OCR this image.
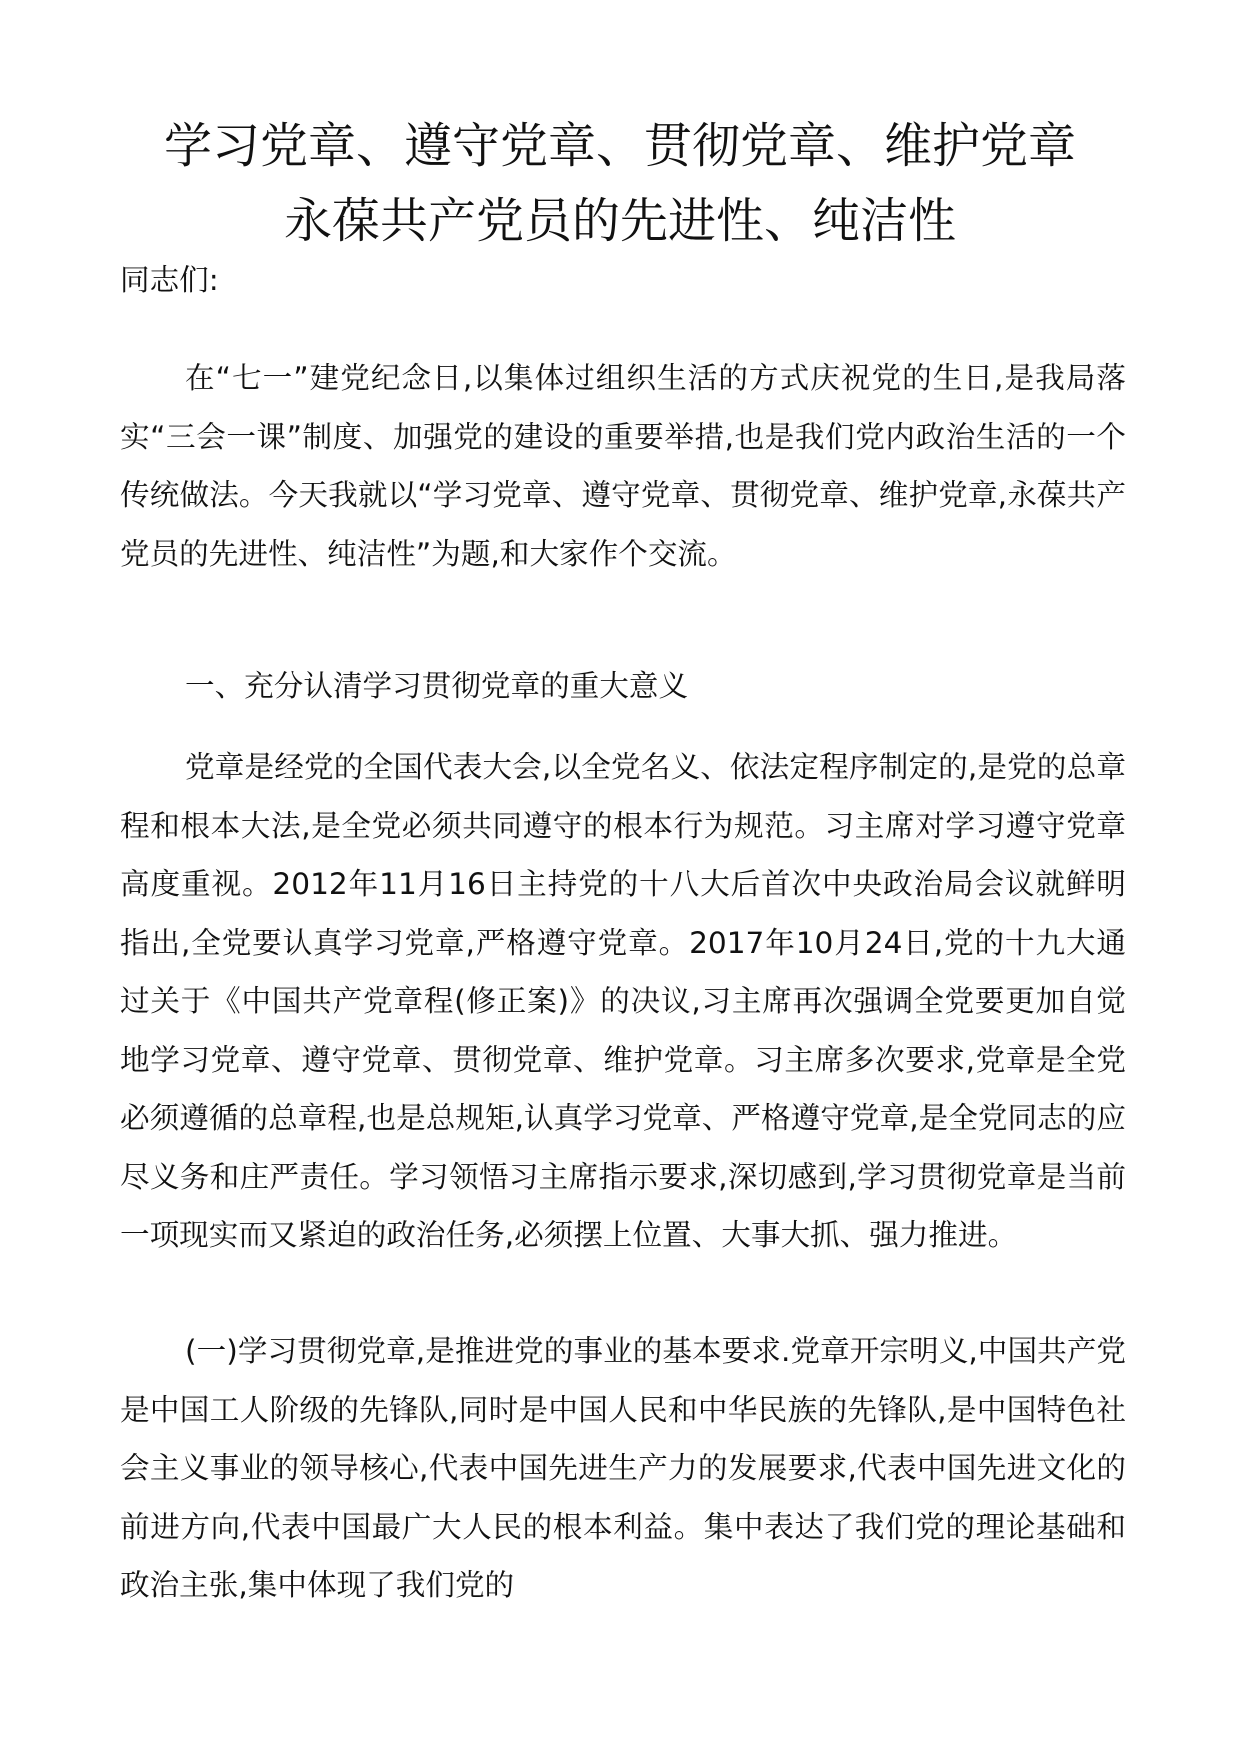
学习党章、遵守党章、贯彻党章、维护党章
永葆共产党员的先进性、纯洁性

同志们:

在“七一”建党纪念日,以集体过组织生活的方式庆祝党的生日,是我局落实“三会一课”制度、加强党的建设的重要举措,也是我们党内政治生活的一个传统做法。今天我就以“学习党章、遵守党章、贯彻党章、维护党章,永葆共产党员的先进性、纯洁性”为题,和大家作个交流。

一、充分认清学习贯彻党章的重大意义

党章是经党的全国代表大会,以全党名义、依法定程序制定的,是党的总章程和根本大法,是全党必须共同遵守的根本行为规范。习主席对学习遵守党章高度重视。2012年11月16日主持党的十八大后首次中央政治局会议就鲜明指出,全党要认真学习党章,严格遵守党章。2017年10月24日,党的十九大通过关于《中国共产党章程(修正案)》的决议,习主席再次强调全党要更加自觉地学习党章、遵守党章、贯彻党章、维护党章。习主席多次要求,党章是全党必须遵循的总章程,也是总规矩,认真学习党章、严格遵守党章,是全党同志的应尽义务和庄严责任。学习领悟习主席指示要求,深切感到,学习贯彻党章是当前一项现实而又紧迫的政治任务,必须摆上位置、大事大抓、强力推进。

(一)学习贯彻党章,是推进党的事业的基本要求.党章开宗明义,中国共产党是中国工人阶级的先锋队,同时是中国人民和中华民族的先锋队,是中国特色社会主义事业的领导核心,代表中国先进生产力的发展要求,代表中国先进文化的前进方向,代表中国最广大人民的根本利益。集中表达了我们党的理论基础和政治主张,集中体现了我们党的
